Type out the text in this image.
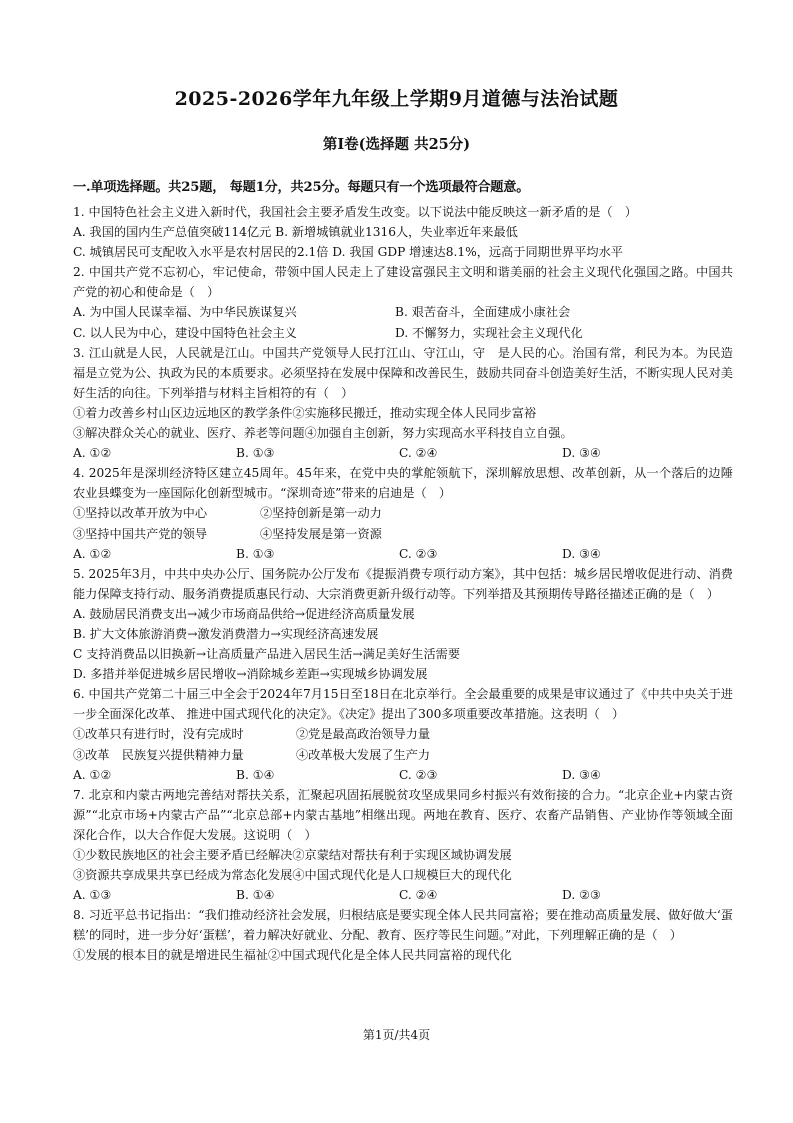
2025-2026学年九年级上学期9月道德与法治试题
第Ⅰ卷(选择题 共25分)
一.单项选择题。共25题， 每题1分，共25分。每题只有一个选项最符合题意。
1. 中国特色社会主义进入新时代，我国社会主要矛盾发生改变。以下说法中能反映这一新矛盾的是（　）
A. 我国的国内生产总值突破114亿元 B. 新增城镇就业1316人，失业率近年来最低
C. 城镇居民可支配收入水平是农村居民的2.1倍 D. 我国 GDP 增速达8.1%，远高于同期世界平均水平
2. 中国共产党不忘初心，牢记使命，带领中国人民走上了建设富强民主文明和谐美丽的社会主义现代化强国之路。中国共产党的初心和使命是（　）
A. 为中国人民谋幸福、为中华民族谋复兴	B. 艰苦奋斗，全面建成小康社会
C. 以人民为中心，建设中国特色社会主义	D. 不懈努力，实现社会主义现代化
3. 江山就是人民，人民就是江山。中国共产党领导人民打江山、守江山，守　是人民的心。治国有常，利民为本。为民造福是立党为公、执政为民的本质要求。必须坚持在发展中保障和改善民生，鼓励共同奋斗创造美好生活，不断实现人民对美好生活的向往。下列举措与材料主旨相符的有（　）
①着力改善乡村山区边远地区的教学条件②实施移民搬迁，推动实现全体人民同步富裕
③解决群众关心的就业、医疗、养老等问题④加强自主创新，努力实现高水平科技自立自强。
A. ①②	B. ①③	C. ②④	D. ③④
4. 2025年是深圳经济特区建立45周年。45年来，在党中央的掌舵领航下，深圳解放思想、改革创新，从一个落后的边陲农业县蝶变为一座国际化创新型城市。“深圳奇迹”带来的启迪是（　）
①坚持以改革开放为中心	②坚持创新是第一动力
③坚持中国共产党的领导	④坚持发展是第一资源
A. ①②	B. ①③	C. ②③	D. ③④
5. 2025年3月，中共中央办公厅、国务院办公厅发布《提振消费专项行动方案》，其中包括：城乡居民增收促进行动、消费能力保障支持行动、服务消费提质惠民行动、大宗消费更新升级行动等。下列举措及其预期传导路径描述正确的是（　）
A. 鼓励居民消费支出→减少市场商品供给→促进经济高质量发展
B. 扩大文体旅游消费→激发消费潜力→实现经济高速发展
C 支持消费品以旧换新→让高质量产品进入居民生活→满足美好生活需要
D. 多措并举促进城乡居民增收→消除城乡差距→实现城乡协调发展
6. 中国共产党第二十届三中全会于2024年7月15日至18日在北京举行。全会最重要的成果是审议通过了《中共中央关于进一步全面深化改革、 推进中国式现代化的决定》。《决定》提出了300多项重要改革措施。这表明（　）
①改革只有进行时，没有完成时	②党是最高政治领导力量
③改革　民族复兴提供精神力量	④改革极大发展了生产力
A. ①②	B. ①④	C. ②③	D. ③④
7. 北京和内蒙古两地完善结对帮扶关系，汇聚起巩固拓展脱贫攻坚成果同乡村振兴有效衔接的合力。“北京企业+内蒙古资源”“北京市场+内蒙古产品”“北京总部+内蒙古基地”相继出现。两地在教育、医疗、农畜产品销售、产业协作等领域全面深化合作，以大合作促大发展。这说明（　）
①少数民族地区的社会主要矛盾已经解决②京蒙结对帮扶有利于实现区域协调发展
③资源共享成果共享已经成为常态化发展④中国式现代化是人口规模巨大的现代化
A. ①③	B. ①④	C. ②④	D. ②③
8. 习近平总书记指出：“我们推动经济社会发展，归根结底是要实现全体人民共同富裕；要在推动高质量发展、做好做大‘蛋糕’的同时，进一步分好‘蛋糕’，着力解决好就业、分配、教育、医疗等民生问题。”对此，下列理解正确的是（　）
①发展的根本目的就是增进民生福祉②中国式现代化是全体人民共同富裕的现代化
第1页/共4页
